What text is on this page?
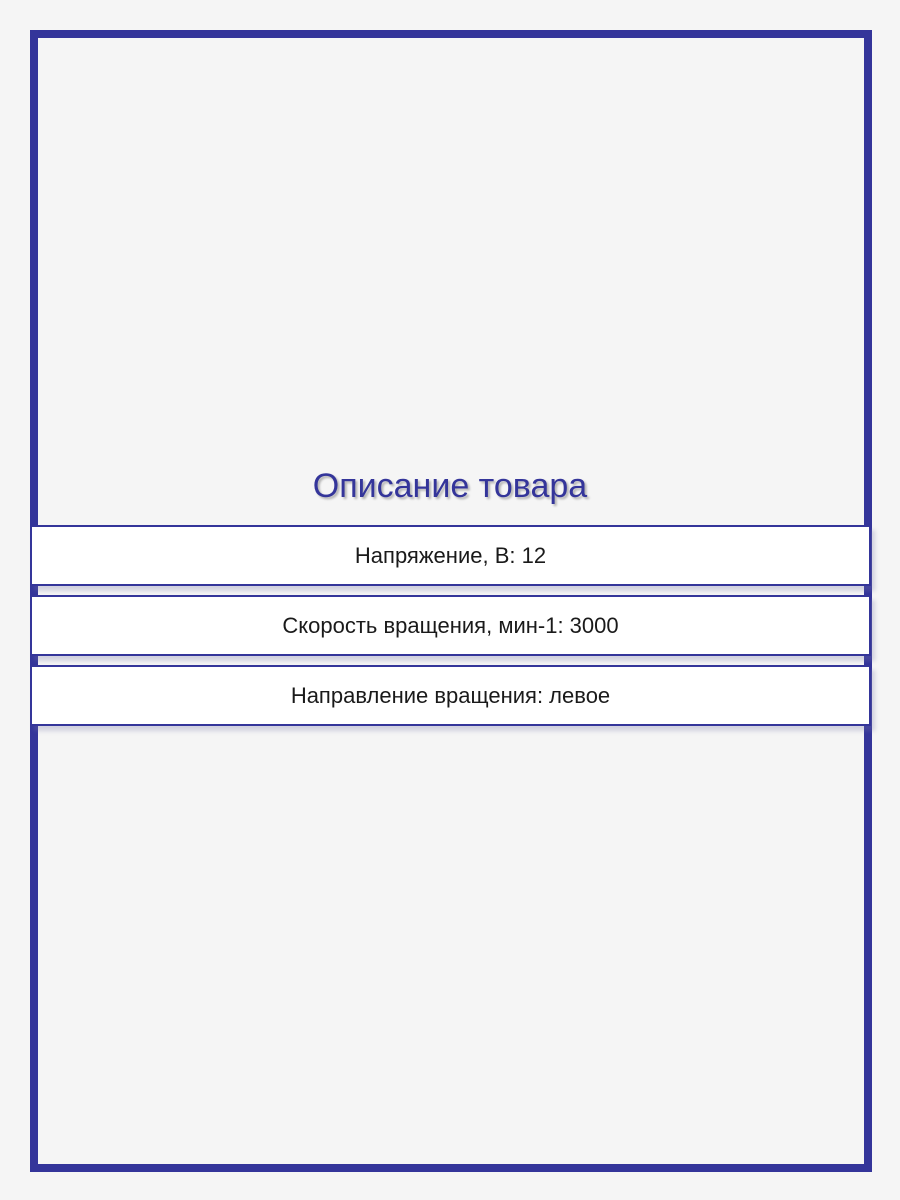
Описание товара
Напряжение, В: 12
Скорость вращения, мин-1: 3000
Направление вращения: левое
